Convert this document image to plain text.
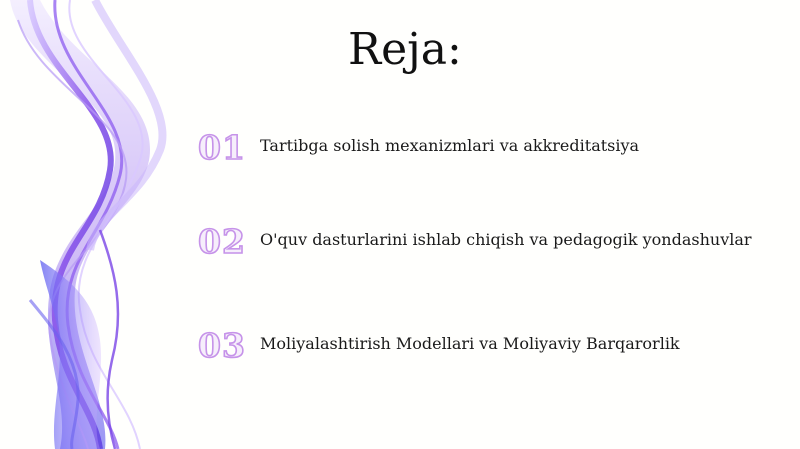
Reja:
01 Tartibga solish mexanizmlari va akkreditatsiya
02 O'quv dasturlarini ishlab chiqish va pedagogik yondashuvlar
03 Moliyalashtirish Modellari va Moliyaviy Barqarorlik
